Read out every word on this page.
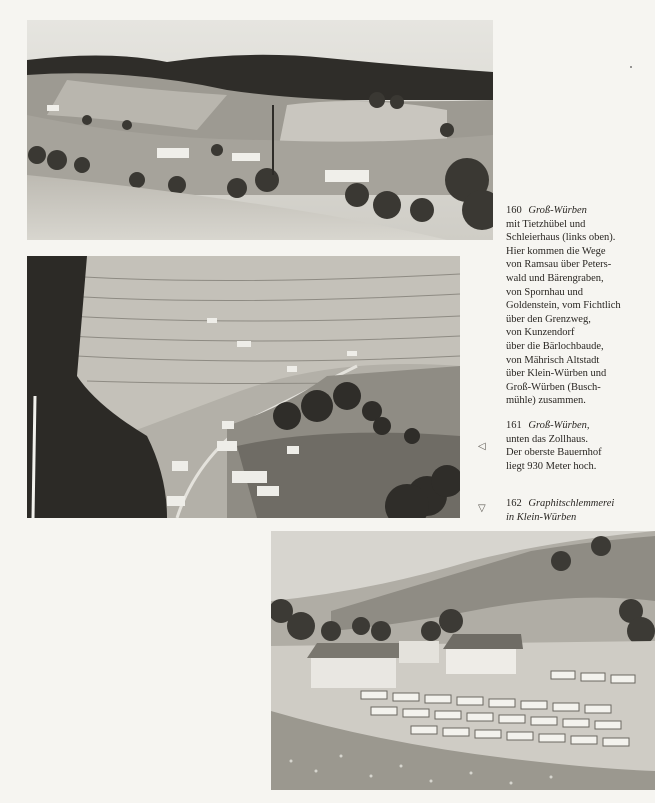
160 Groß-Würben
mit Tietzhübel und
Schleierhaus (links oben).
Hier kommen die Wege
von Ramsau über Peters-
wald und Bärengraben,
von Spornhau und
Goldenstein, vom Fichtlich
über den Grenzweg,
von Kunzendorf
über die Bärlochbaude,
von Mährisch Altstadt
über Klein-Würben und
Groß-Würben (Busch-
mühle) zusammen.
161 Groß-Würben,
unten das Zollhaus.
Der oberste Bauernhof
liegt 930 Meter hoch.
162 Graphitschlemmerei
in Klein-Würben
◁
▽
